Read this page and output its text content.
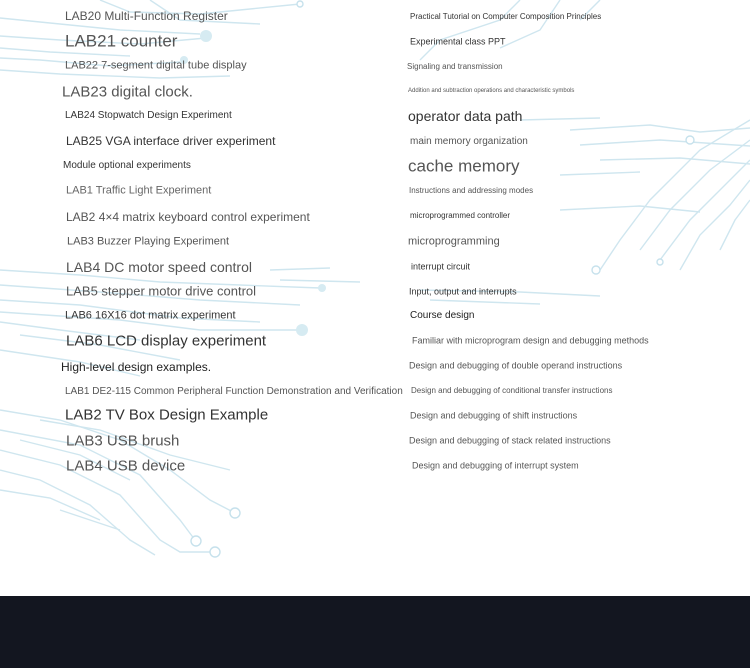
LAB20 Multi-Function Register
LAB21 counter
LAB22 7-segment digital tube display
LAB23 digital clock.
LAB24 Stopwatch Design Experiment
LAB25 VGA interface driver experiment
Module optional experiments
LAB1 Traffic Light Experiment
LAB2 4×4 matrix keyboard control experiment
LAB3 Buzzer Playing Experiment
LAB4 DC motor speed control
LAB5 stepper motor drive control
LAB6 16X16 dot matrix experiment
LAB6 LCD display experiment
High-level design examples.
LAB1 DE2-115 Common Peripheral Function Demonstration and Verification
LAB2 TV Box Design Example
LAB3 USB brush
LAB4 USB device
Practical Tutorial on Computer Composition Principles
Experimental class PPT
Signaling and transmission
Addition and subtraction operations and characteristic symbols
operator data path
main memory organization
cache memory
Instructions and addressing modes
microprogrammed controller
microprogramming
interrupt circuit
Input, output and interrupts
Course design
Familiar with microprogram design and debugging methods
Design and debugging of double operand instructions
Design and debugging of conditional transfer instructions
Design and debugging of shift instructions
Design and debugging of stack related instructions
Design and debugging of interrupt system
